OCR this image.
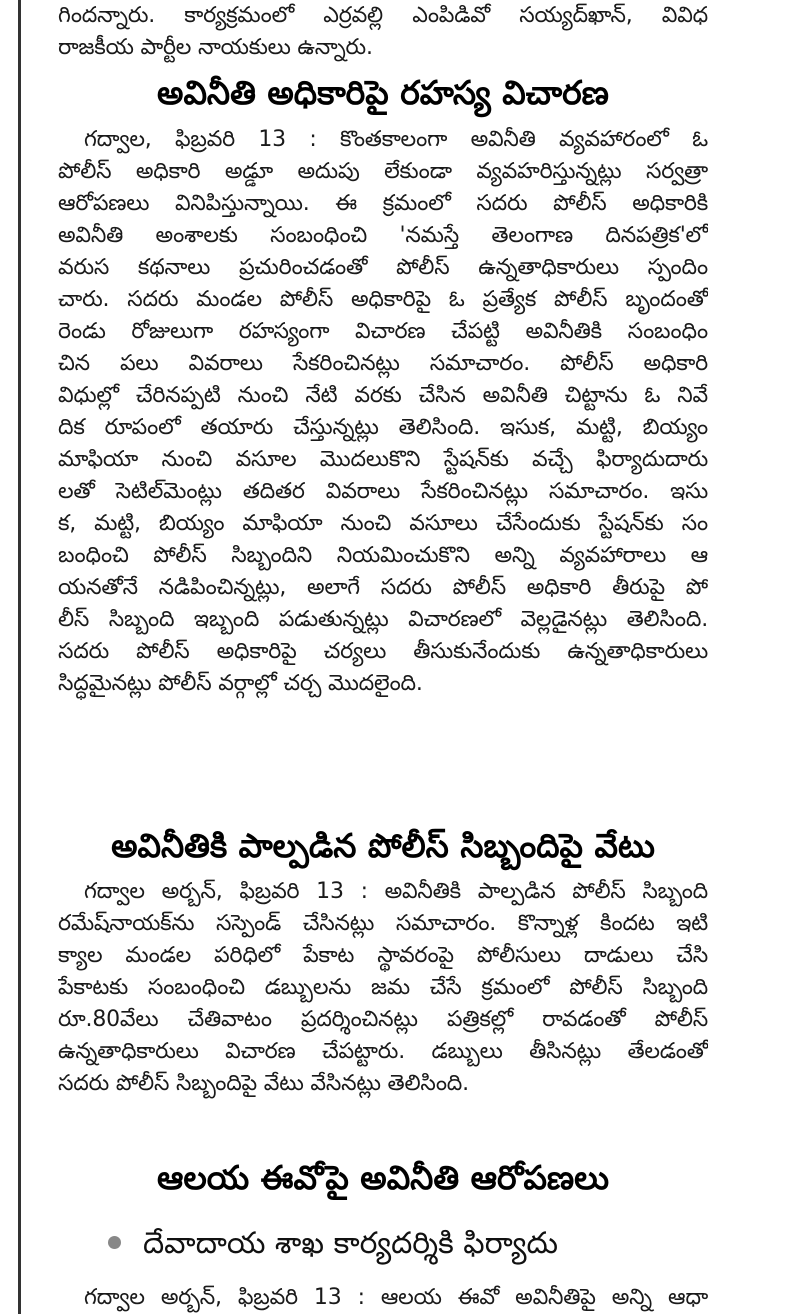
గిందన్నారు. కార్యక్రమంలో ఎర్రవల్లి ఎంపిడివో సయ్యద్‌ఖాన్‌, వివిధ
రాజకీయ పార్టీల నాయకులు ఉన్నారు.
అవినీతి అధికారిపై రహస్య విచారణ
గద్వాల, ఫిబ్రవరి 13 : కొంతకాలంగా అవినీతి వ్యవహారంలో ఓ
పోలీస్‌ అధికారి అడ్డూ అదుపు లేకుండా వ్యవహరిస్తున్నట్లు సర్వత్రా
ఆరోపణలు వినిపిస్తున్నాయి. ఈ క్రమంలో సదరు పోలీస్‌ అధికారికి
అవినీతి అంశాలకు సంబంధించి 'నమస్తే తెలంగాణ దినపత్రిక'లో
వరుస కథనాలు ప్రచురించడంతో పోలీస్‌ ఉన్నతాధికారులు స్పందిం
చారు. సదరు మండల పోలీస్‌ అధికారిపై ఓ ప్రత్యేక పోలీస్‌ బృందంతో
రెండు రోజులుగా రహస్యంగా విచారణ చేపట్టి అవినీతికి సంబంధిం
చిన పలు వివరాలు సేకరించినట్లు సమాచారం. పోలీస్‌ అధికారి
విధుల్లో చేరినప్పటి నుంచి నేటి వరకు చేసిన అవినీతి చిట్టాను ఓ నివే
దిక రూపంలో తయారు చేస్తున్నట్లు తెలిసింది. ఇసుక, మట్టి, బియ్యం
మాఫియా నుంచి వసూల మొదలుకొని స్టేషన్‌కు వచ్చే ఫిర్యాదుదారు
లతో సెటిల్‌మెంట్లు తదితర వివరాలు సేకరించినట్లు సమాచారం. ఇసు
క, మట్టి, బియ్యం మాఫియా నుంచి వసూలు చేసేందుకు స్టేషన్‌కు సం
బంధించి పోలీస్‌ సిబ్బందిని నియమించుకొని అన్ని వ్యవహారాలు ఆ
యనతోనే నడిపించిన్నట్లు, అలాగే సదరు పోలీస్‌ అధికారి తీరుపై పో
లీస్‌ సిబ్బంది ఇబ్బంది పడుతున్నట్లు విచారణలో వెల్లడైనట్లు తెలిసింది.
సదరు పోలీస్‌ అధికారిపై చర్యలు తీసుకునేందుకు ఉన్నతాధికారులు
సిద్ధమైనట్లు పోలీస్‌ వర్గాల్లో చర్చ మొదలైంది.
అవినీతికి పాల్పడిన పోలీస్‌ సిబ్బందిపై వేటు
గద్వాల అర్బన్‌, ఫిబ్రవరి 13 : అవినీతికి పాల్పడిన పోలీస్‌ సిబ్బంది
రమేష్‌నాయక్‌ను సస్పెండ్‌ చేసినట్లు సమాచారం. కొన్నాళ్ల కిందట ఇటి
క్యాల మండల పరిధిలో పేకాట స్థావరంపై పోలీసులు దాడులు చేసి
పేకాటకు సంబంధించి డబ్బులను జమ చేసే క్రమంలో పోలీస్‌ సిబ్బంది
రూ.80వేలు చేతివాటం ప్రదర్శించినట్లు పత్రికల్లో రావడంతో పోలీస్‌
ఉన్నతాధికారులు విచారణ చేపట్టారు. డబ్బులు తీసినట్లు తేలడంతో
సదరు పోలీస్‌ సిబ్బందిపై వేటు వేసినట్లు తెలిసింది.
ఆలయ ఈవోపై అవినీతి ఆరోపణలు
దేవాదాయ శాఖ కార్యదర్శికి ఫిర్యాదు
గద్వాల అర్బన్‌, ఫిబ్రవరి 13 : ఆలయ ఈవో అవినీతిపై అన్ని ఆధా
